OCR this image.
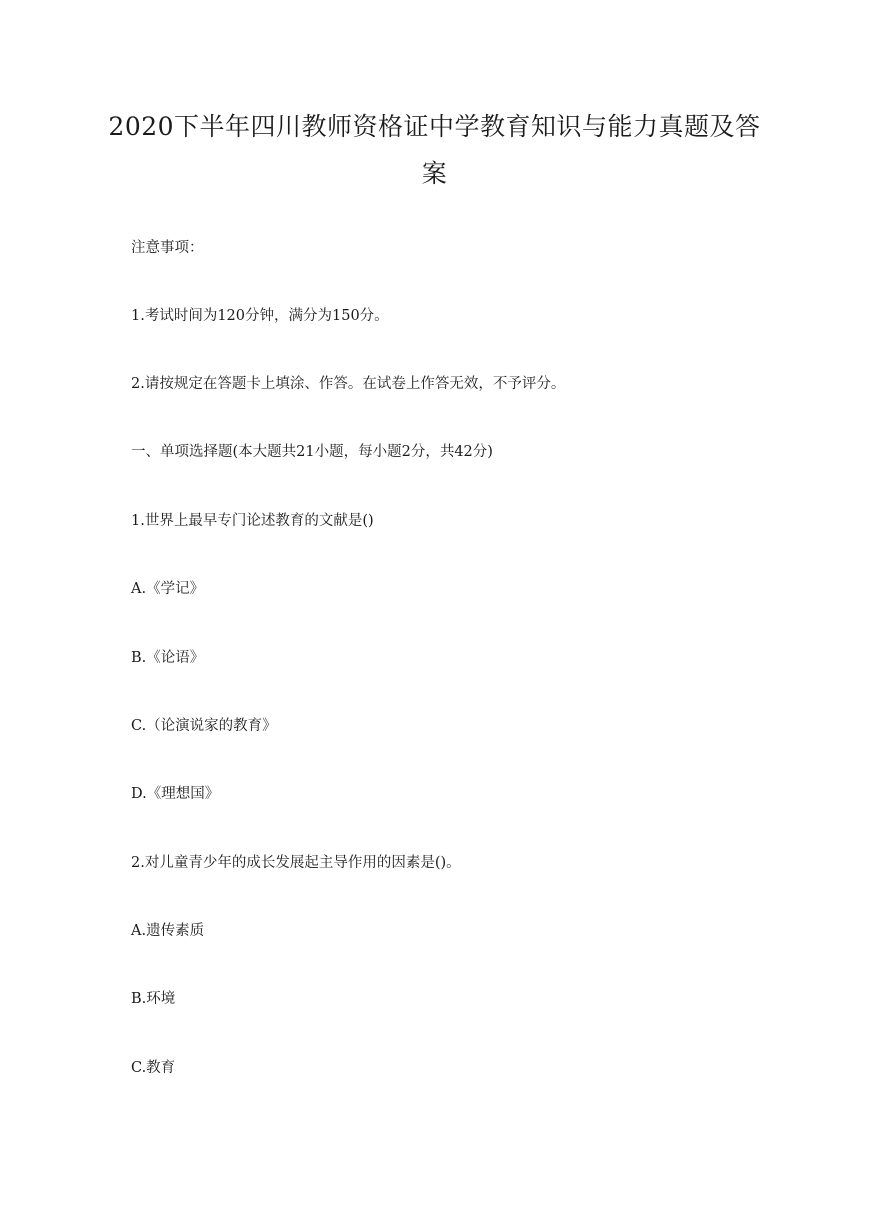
2020下半年四川教师资格证中学教育知识与能力真题及答
案
注意事项：
1.考试时间为120分钟，满分为150分。
2.请按规定在答题卡上填涂、作答。在试卷上作答无效，不予评分。
一、单项选择题(本大题共21小题，每小题2分，共42分)
1.世界上最早专门论述教育的文献是()
A.《学记》
B.《论语》
C.（论演说家的教育》
D.《理想国》
2.对儿童青少年的成长发展起主导作用的因素是()。
A.遗传素质
B.环境
C.教育
